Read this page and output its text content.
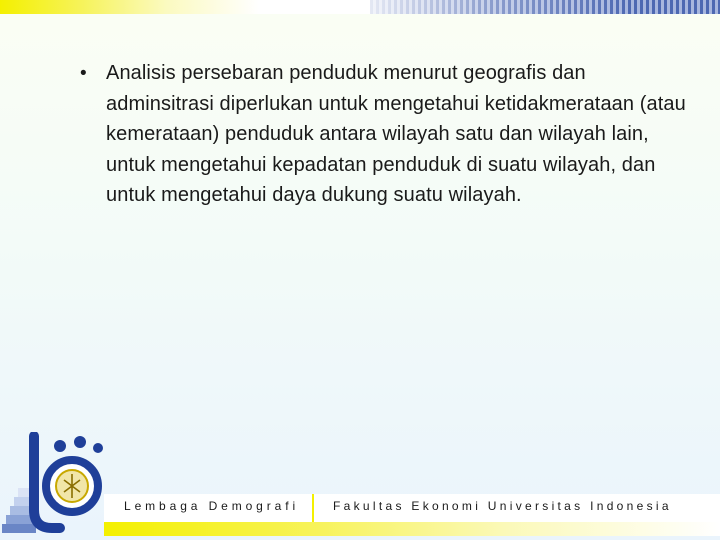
• Analisis persebaran penduduk menurut geografis dan adminsitrasi diperlukan untuk mengetahui ketidakmerataan (atau kemerataan) penduduk antara wilayah satu dan wilayah lain, untuk mengetahui kepadatan penduduk di suatu wilayah, dan untuk mengetahui daya dukung suatu wilayah.
Lembaga Demografi	Fakultas Ekonomi Universitas Indonesia
